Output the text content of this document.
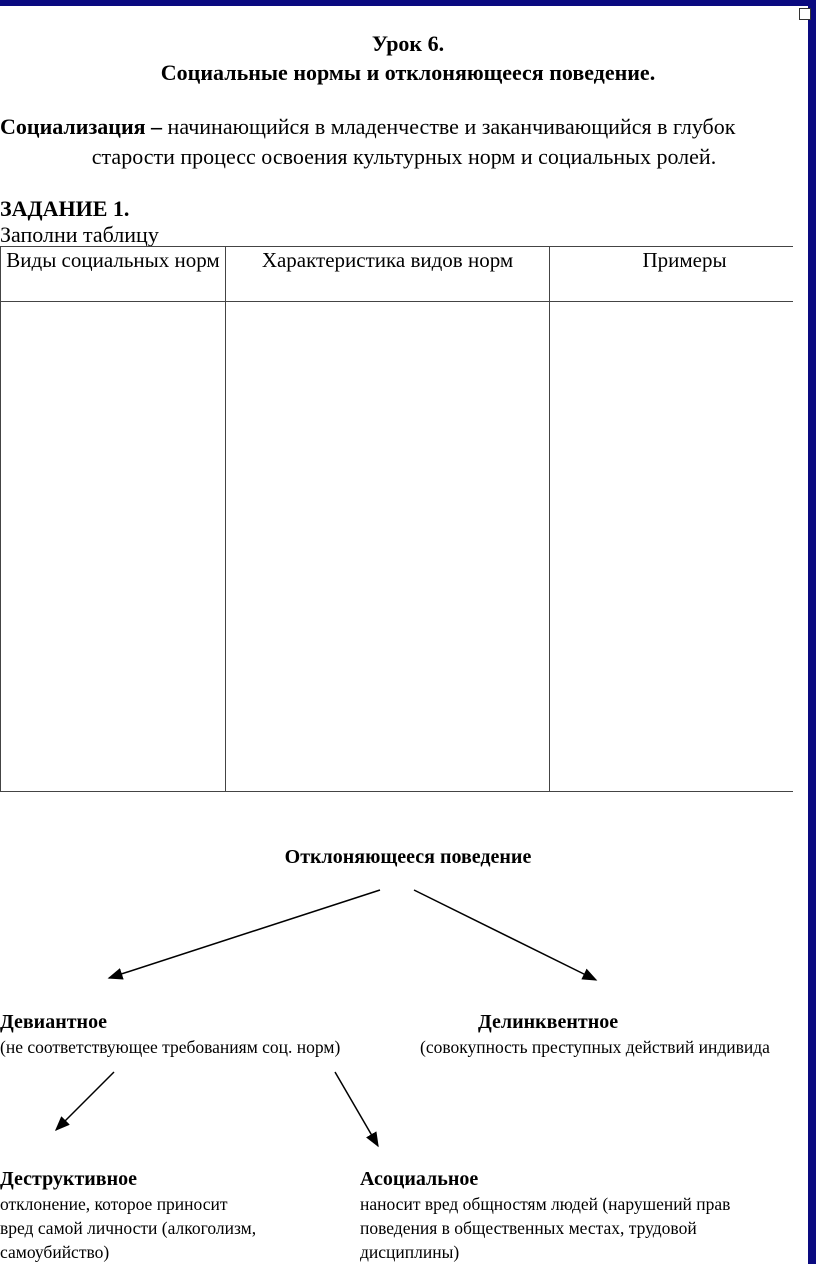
Урок 6.
Социальные нормы и отклоняющееся поведение.
Социализация – начинающийся в младенчестве и заканчивающийся в глубок
старости процесс освоения культурных норм и социальных ролей.
ЗАДАНИЕ 1.
Заполни таблицу
Виды социальных норм	Характеристика видов норм	Примеры

Отклоняющееся поведение
Девиантное
(не соответствующее требованиям соц. норм)
Делинквентное
(совокупность преступных действий индивида
Деструктивное
отклонение, которое приносит
вред самой личности (алкоголизм,
самоубийство)
Асоциальное
наносит вред общностям людей (нарушений прав
поведения в общественных местах, трудовой
дисциплины)
